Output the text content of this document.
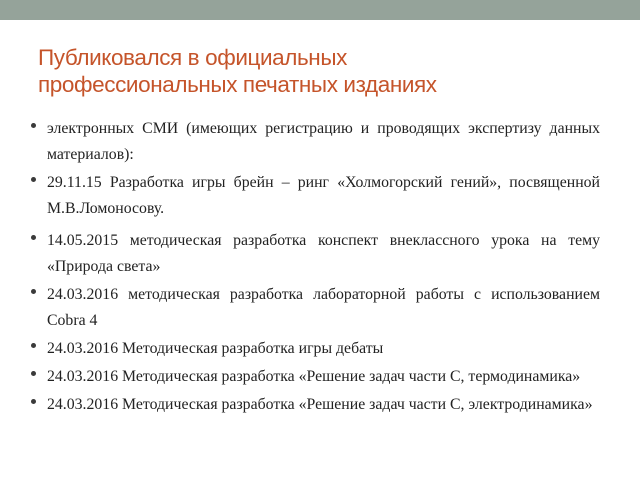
Публиковался в официальных
профессиональных печатных изданиях
электронных СМИ (имеющих регистрацию и проводящих экспертизу данных материалов):
29.11.15 Разработка игры брейн – ринг «Холмогорский гений», посвященной М.В.Ломоносову.
14.05.2015 методическая разработка конспект внеклассного урока на тему «Природа света»
24.03.2016 методическая разработка лабораторной работы с использованием Cobra 4
24.03.2016 Методическая разработка игры дебаты
24.03.2016 Методическая разработка «Решение задач части С, термодинамика»
24.03.2016 Методическая разработка «Решение задач части С, электродинамика»
